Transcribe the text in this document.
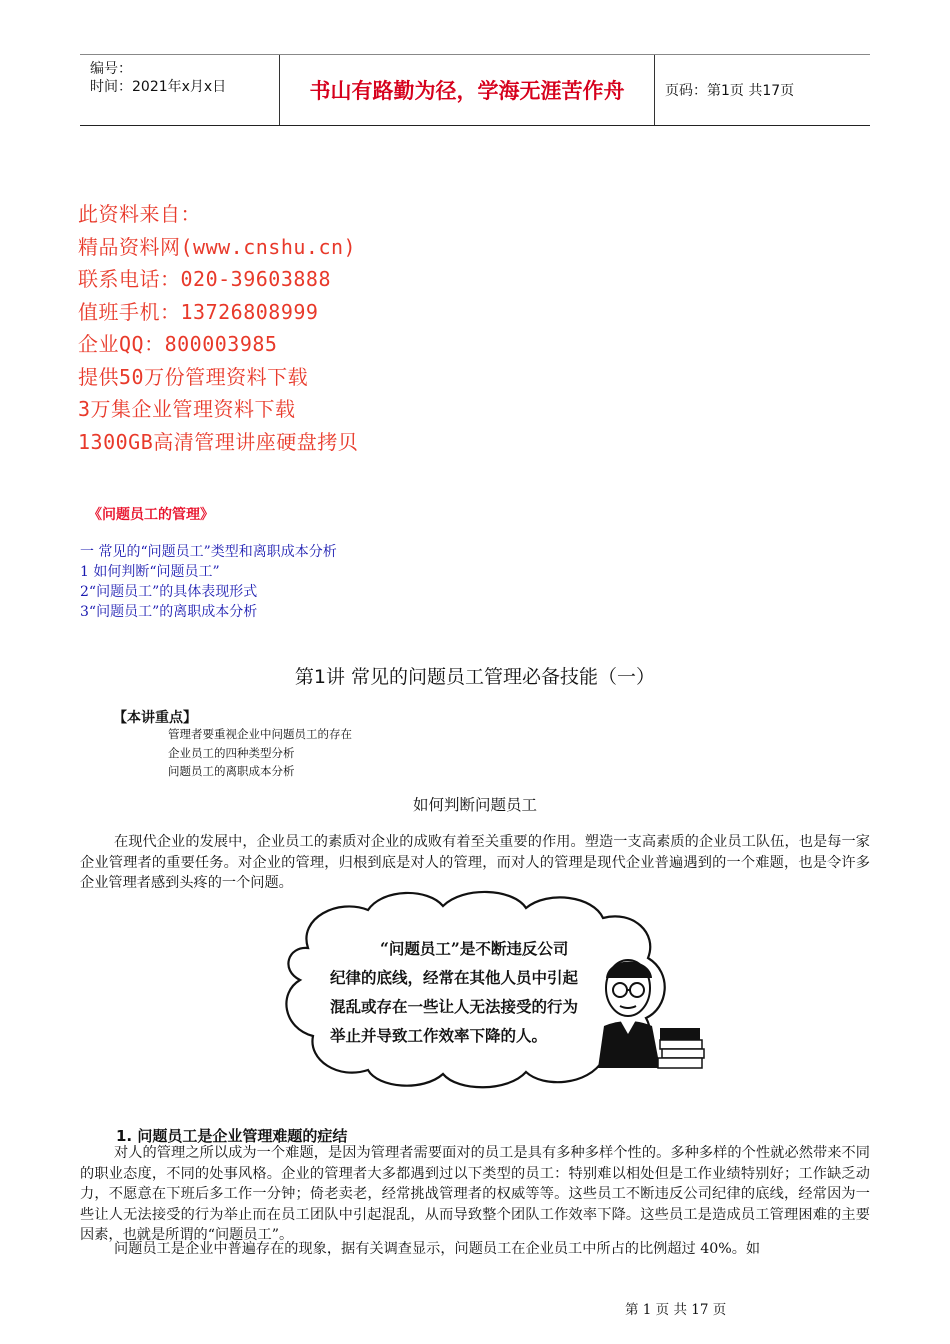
编号：
时间：2021年x月x日	书山有路勤为径，学海无涯苦作舟	页码：第1页 共17页
此资料来自：
精品资料网(www.cnshu.cn)
联系电话：020-39603888
值班手机：13726808999
企业QQ：800003985
提供50万份管理资料下载
3万集企业管理资料下载
1300GB高清管理讲座硬盘拷贝
《问题员工的管理》
一 常见的“问题员工”类型和离职成本分析
1 如何判断“问题员工”
2“问题员工”的具体表现形式
3“问题员工”的离职成本分析
第1讲 常见的问题员工管理必备技能（一）
【本讲重点】
管理者要重视企业中问题员工的存在
企业员工的四种类型分析
问题员工的离职成本分析
如何判断问题员工
在现代企业的发展中，企业员工的素质对企业的成败有着至关重要的作用。塑造一支高素质的企业员工队伍，也是每一家企业管理者的重要任务。对企业的管理，归根到底是对人的管理，而对人的管理是现代企业普遍遇到的一个难题，也是令许多企业管理者感到头疼的一个问题。
“问题员工”是不断违反公司纪律的底线，经常在其他人员中引起混乱或存在一些让人无法接受的行为举止并导致工作效率下降的人。
1. 问题员工是企业管理难题的症结
对人的管理之所以成为一个难题，是因为管理者需要面对的员工是具有多种多样个性的。多种多样的个性就必然带来不同的职业态度，不同的处事风格。企业的管理者大多都遇到过以下类型的员工：特别难以相处但是工作业绩特别好；工作缺乏动力，不愿意在下班后多工作一分钟；倚老卖老，经常挑战管理者的权威等等。这些员工不断违反公司纪律的底线，经常因为一些让人无法接受的行为举止而在员工团队中引起混乱，从而导致整个团队工作效率下降。这些员工是造成员工管理困难的主要因素，也就是所谓的“问题员工”。
问题员工是企业中普遍存在的现象，据有关调查显示，问题员工在企业员工中所占的比例超过 40%。如
第 1 页 共 17 页
